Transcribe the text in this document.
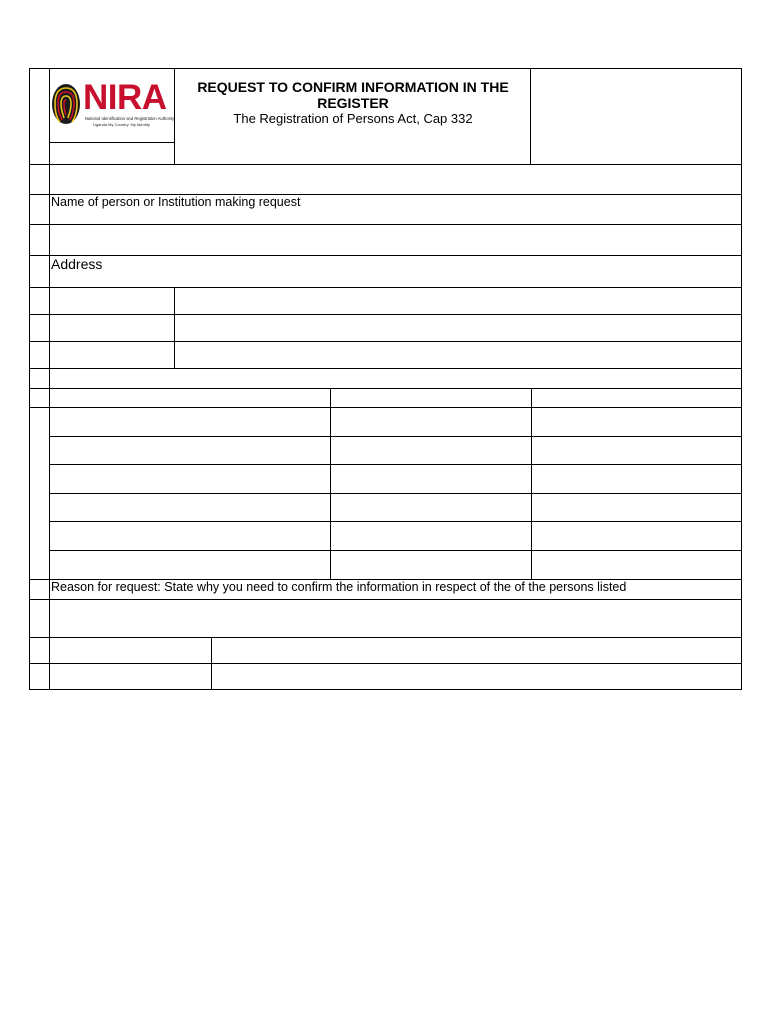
NIRA
National Identification and Registration Authority
Uganda My Country. My Identity
REQUEST TO CONFIRM INFORMATION IN THE REGISTER
The Registration of Persons Act, Cap 332
Name of person or Institution making request
Address
Reason for request: State why you need to confirm the information in respect of the of the persons listed
